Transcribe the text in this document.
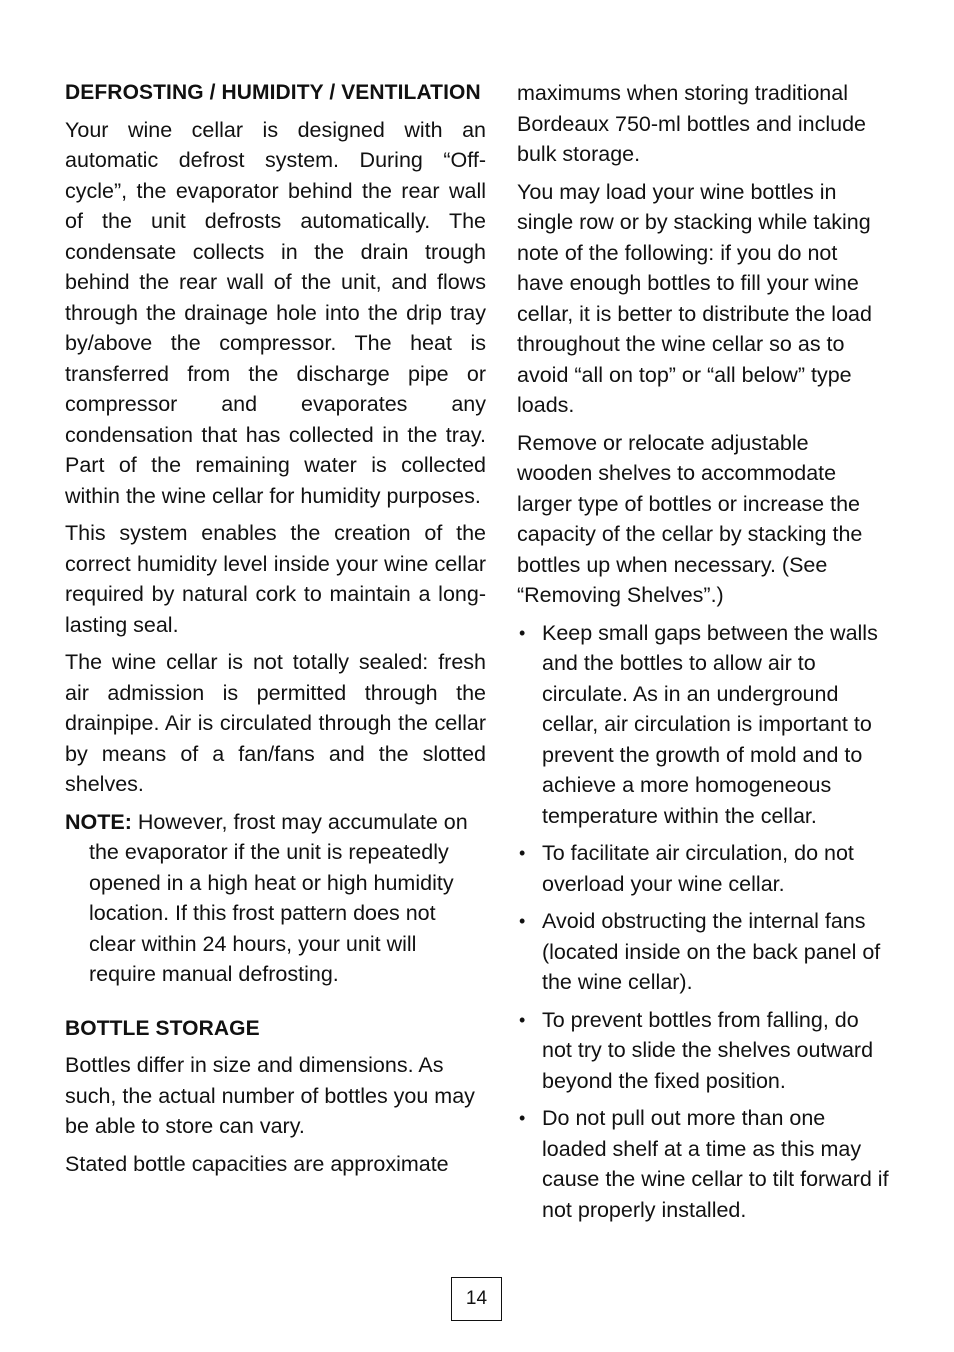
DEFROSTING / HUMIDITY / VENTILATION

Your wine cellar is designed with an automatic defrost system. During “Off-cycle”, the evaporator behind the rear wall of the unit defrosts automatically. The condensate collects in the drain trough behind the rear wall of the unit, and flows through the drainage hole into the drip tray by/above the compressor. The heat is transferred from the discharge pipe or compressor and evaporates any condensation that has collected in the tray. Part of the remaining water is collected within the wine cellar for humidity purposes.

This system enables the creation of the correct humidity level inside your wine cellar required by natural cork to maintain a long-lasting seal.

The wine cellar is not totally sealed: fresh air admission is permitted through the drainpipe. Air is circulated through the cellar by means of a fan/fans and the slotted shelves.

NOTE: However, frost may accumulate on the evaporator if the unit is repeatedly opened in a high heat or high humidity location. If this frost pattern does not clear within 24 hours, your unit will require manual defrosting.

BOTTLE STORAGE

Bottles differ in size and dimensions. As such, the actual number of bottles you may be able to store can vary.

Stated bottle capacities are approximate

maximums when storing traditional Bordeaux 750-ml bottles and include bulk storage.

You may load your wine bottles in single row or by stacking while taking note of the following: if you do not have enough bottles to fill your wine cellar, it is better to distribute the load throughout the wine cellar so as to avoid “all on top” or “all below” type loads.

Remove or relocate adjustable wooden shelves to accommodate larger type of bottles or increase the capacity of the cellar by stacking the bottles up when necessary. (See “Removing Shelves”.)

• Keep small gaps between the walls and the bottles to allow air to circulate. As in an underground cellar, air circulation is important to prevent the growth of mold and to achieve a more homogeneous temperature within the cellar.
• To facilitate air circulation, do not overload your wine cellar.
• Avoid obstructing the internal fans (located inside on the back panel of the wine cellar).
• To prevent bottles from falling, do not try to slide the shelves outward beyond the fixed position.
• Do not pull out more than one loaded shelf at a time as this may cause the wine cellar to tilt forward if not properly installed.
14
